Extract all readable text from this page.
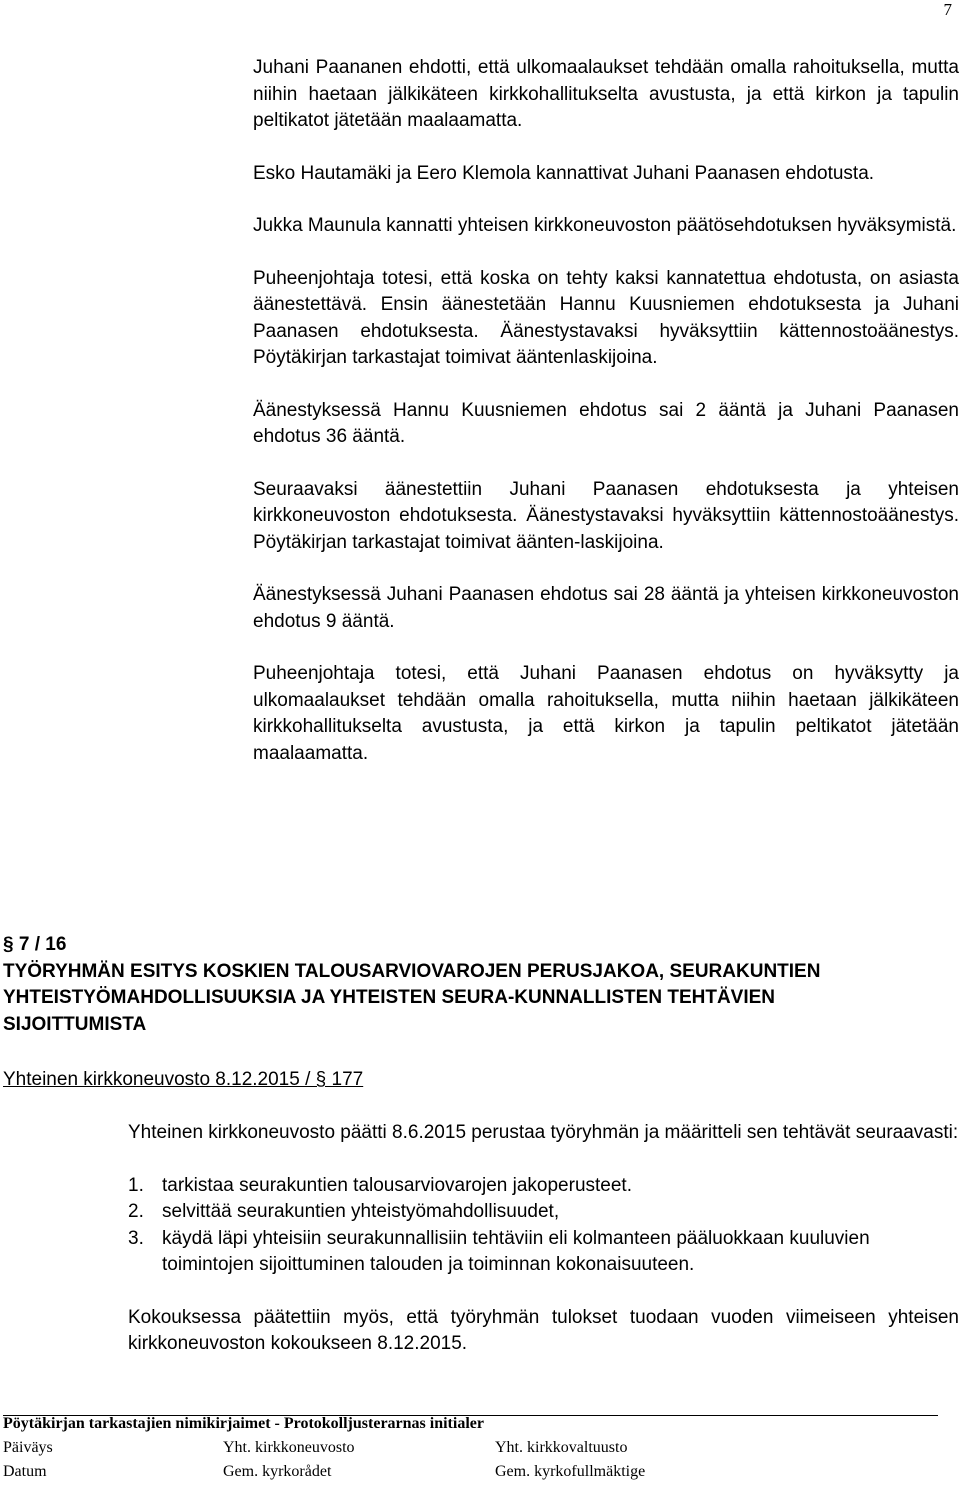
7

Juhani Paananen ehdotti, että ulkomaalaukset tehdään omalla rahoituksella, mutta niihin haetaan jälkikäteen kirkkohallitukselta avustusta, ja että kirkon ja tapulin peltikatot jätetään maalaamatta.

Esko Hautamäki ja Eero Klemola kannattivat Juhani Paanasen ehdotusta.

Jukka Maunula kannatti yhteisen kirkkoneuvoston päätösehdotuksen hyväksymistä.

Puheenjohtaja totesi, että koska on tehty kaksi kannatettua ehdotusta, on asiasta äänestettävä. Ensin äänestetään Hannu Kuusniemen ehdotuksesta ja Juhani Paanasen ehdotuksesta. Äänestystavaksi hyväksyttiin kättennostoäänestys. Pöytäkirjan tarkastajat toimivat ääntenlaskijoina.

Äänestyksessä Hannu Kuusniemen ehdotus sai 2 ääntä ja Juhani Paanasen ehdotus 36 ääntä.

Seuraavaksi äänestettiin Juhani Paanasen ehdotuksesta ja yhteisen kirkkoneuvoston ehdotuksesta. Äänestystavaksi hyväksyttiin kättennostoäänestys. Pöytäkirjan tarkastajat toimivat äänten-laskijoina.

Äänestyksessä Juhani Paanasen ehdotus sai 28 ääntä ja yhteisen kirkkoneuvoston ehdotus 9 ääntä.

Puheenjohtaja totesi, että Juhani Paanasen ehdotus on hyväksytty ja ulkomaalaukset tehdään omalla rahoituksella, mutta niihin haetaan jälkikäteen kirkkohallitukselta avustusta, ja että kirkon ja tapulin peltikatot jätetään maalaamatta.

§ 7 / 16

TYÖRYHMÄN ESITYS KOSKIEN TALOUSARVIOVAROJEN PERUSJAKOA, SEURAKUNTIEN YHTEISTYÖMAHDOLLISUUKSIA JA YHTEISTEN SEURA-KUNNALLISTEN TEHTÄVIEN SIJOITTUMISTA

Yhteinen kirkkoneuvosto 8.12.2015 / § 177

Yhteinen kirkkoneuvosto päätti 8.6.2015 perustaa työryhmän ja määritteli sen tehtävät seuraavasti:

1. tarkistaa seurakuntien talousarviovarojen jakoperusteet.
2. selvittää seurakuntien yhteistyömahdollisuudet,
3. käydä läpi yhteisiin seurakunnallisiin tehtäviin eli kolmanteen pääluokkaan kuuluvien toimintojen sijoittuminen talouden ja toiminnan kokonaisuuteen.

Kokouksessa päätettiin myös, että työryhmän tulokset tuodaan vuoden viimeiseen yhteisen kirkkoneuvoston kokoukseen 8.12.2015.

Pöytäkirjan tarkastajien nimikirjaimet - Protokolljusterarnas initialer
Päiväys	Yht. kirkkoneuvosto	Yht. kirkkovaltuusto
Datum	Gem. kyrkorådet	Gem. kyrkofullmäktige
